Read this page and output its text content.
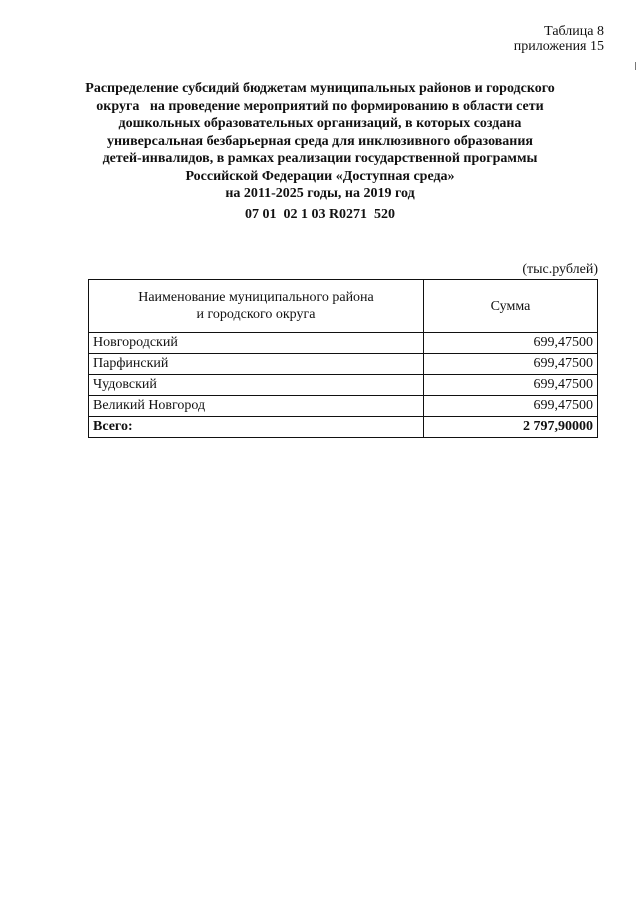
Таблица 8
приложения 15
Распределение субсидий бюджетам муниципальных районов и городского
округа   на проведение мероприятий по формированию в области сети
дошкольных образовательных организаций, в которых создана
универсальная безбарьерная среда для инклюзивного образования
детей-инвалидов, в рамках реализации государственной программы
Российской Федерации «Доступная среда»
на 2011-2025 годы, на 2019 год
07 01  02 1 03 R0271  520
(тыс.рублей)
Наименование муниципального района
и городского округа	Сумма
Новгородский	699,47500
Парфинский	699,47500
Чудовский	699,47500
Великий Новгород	699,47500
Всего:	2 797,90000
